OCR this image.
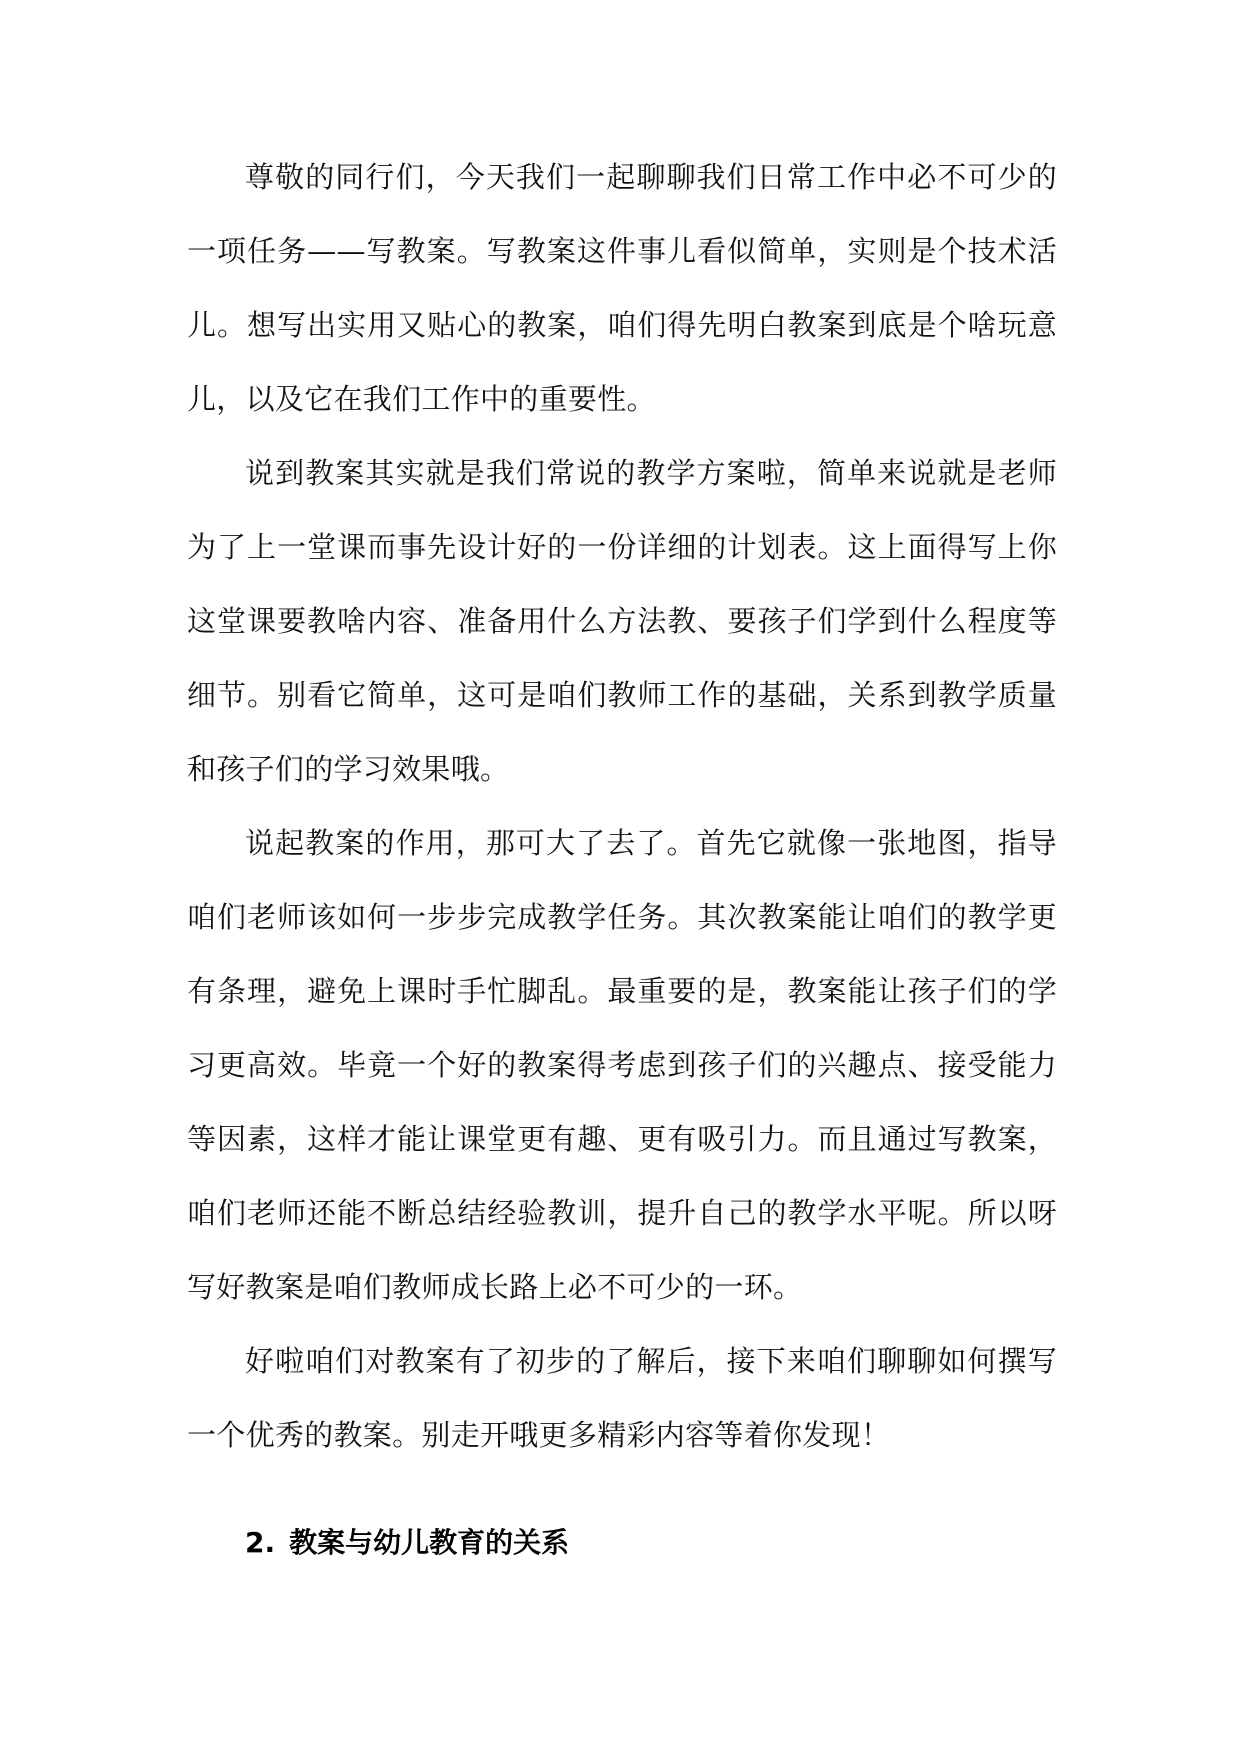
尊敬的同行们，今天我们一起聊聊我们日常工作中必不可少的一项任务——写教案。写教案这件事儿看似简单，实则是个技术活儿。想写出实用又贴心的教案，咱们得先明白教案到底是个啥玩意儿，以及它在我们工作中的重要性。

说到教案其实就是我们常说的教学方案啦，简单来说就是老师为了上一堂课而事先设计好的一份详细的计划表。这上面得写上你这堂课要教啥内容、准备用什么方法教、要孩子们学到什么程度等细节。别看它简单，这可是咱们教师工作的基础，关系到教学质量和孩子们的学习效果哦。

说起教案的作用，那可大了去了。首先它就像一张地图，指导咱们老师该如何一步步完成教学任务。其次教案能让咱们的教学更有条理，避免上课时手忙脚乱。最重要的是，教案能让孩子们的学习更高效。毕竟一个好的教案得考虑到孩子们的兴趣点、接受能力等因素，这样才能让课堂更有趣、更有吸引力。而且通过写教案，咱们老师还能不断总结经验教训，提升自己的教学水平呢。所以呀写好教案是咱们教师成长路上必不可少的一环。

好啦咱们对教案有了初步的了解后，接下来咱们聊聊如何撰写一个优秀的教案。别走开哦更多精彩内容等着你发现！

2. 教案与幼儿教育的关系
